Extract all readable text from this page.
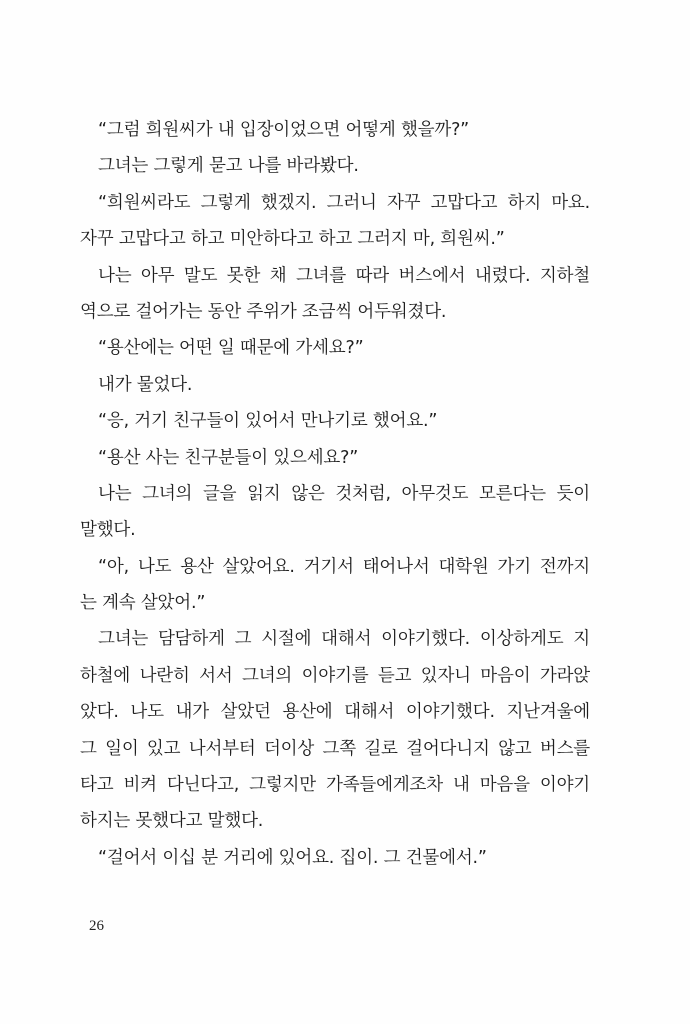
“그럼 희원씨가 내 입장이었으면 어떻게 했을까?”
그녀는 그렇게 묻고 나를 바라봤다.
“희원씨라도 그렇게 했겠지. 그러니 자꾸 고맙다고 하지 마요.
자꾸 고맙다고 하고 미안하다고 하고 그러지 마, 희원씨.”
나는 아무 말도 못한 채 그녀를 따라 버스에서 내렸다. 지하철
역으로 걸어가는 동안 주위가 조금씩 어두워졌다.
“용산에는 어떤 일 때문에 가세요?”
내가 물었다.
“응, 거기 친구들이 있어서 만나기로 했어요.”
“용산 사는 친구분들이 있으세요?”
나는 그녀의 글을 읽지 않은 것처럼, 아무것도 모른다는 듯이
말했다.
“아, 나도 용산 살았어요. 거기서 태어나서 대학원 가기 전까지
는 계속 살았어.”
그녀는 담담하게 그 시절에 대해서 이야기했다. 이상하게도 지
하철에 나란히 서서 그녀의 이야기를 듣고 있자니 마음이 가라앉
았다. 나도 내가 살았던 용산에 대해서 이야기했다. 지난겨울에
그 일이 있고 나서부터 더이상 그쪽 길로 걸어다니지 않고 버스를
타고 비켜 다닌다고, 그렇지만 가족들에게조차 내 마음을 이야기
하지는 못했다고 말했다.
“걸어서 이십 분 거리에 있어요. 집이. 그 건물에서.”
26
